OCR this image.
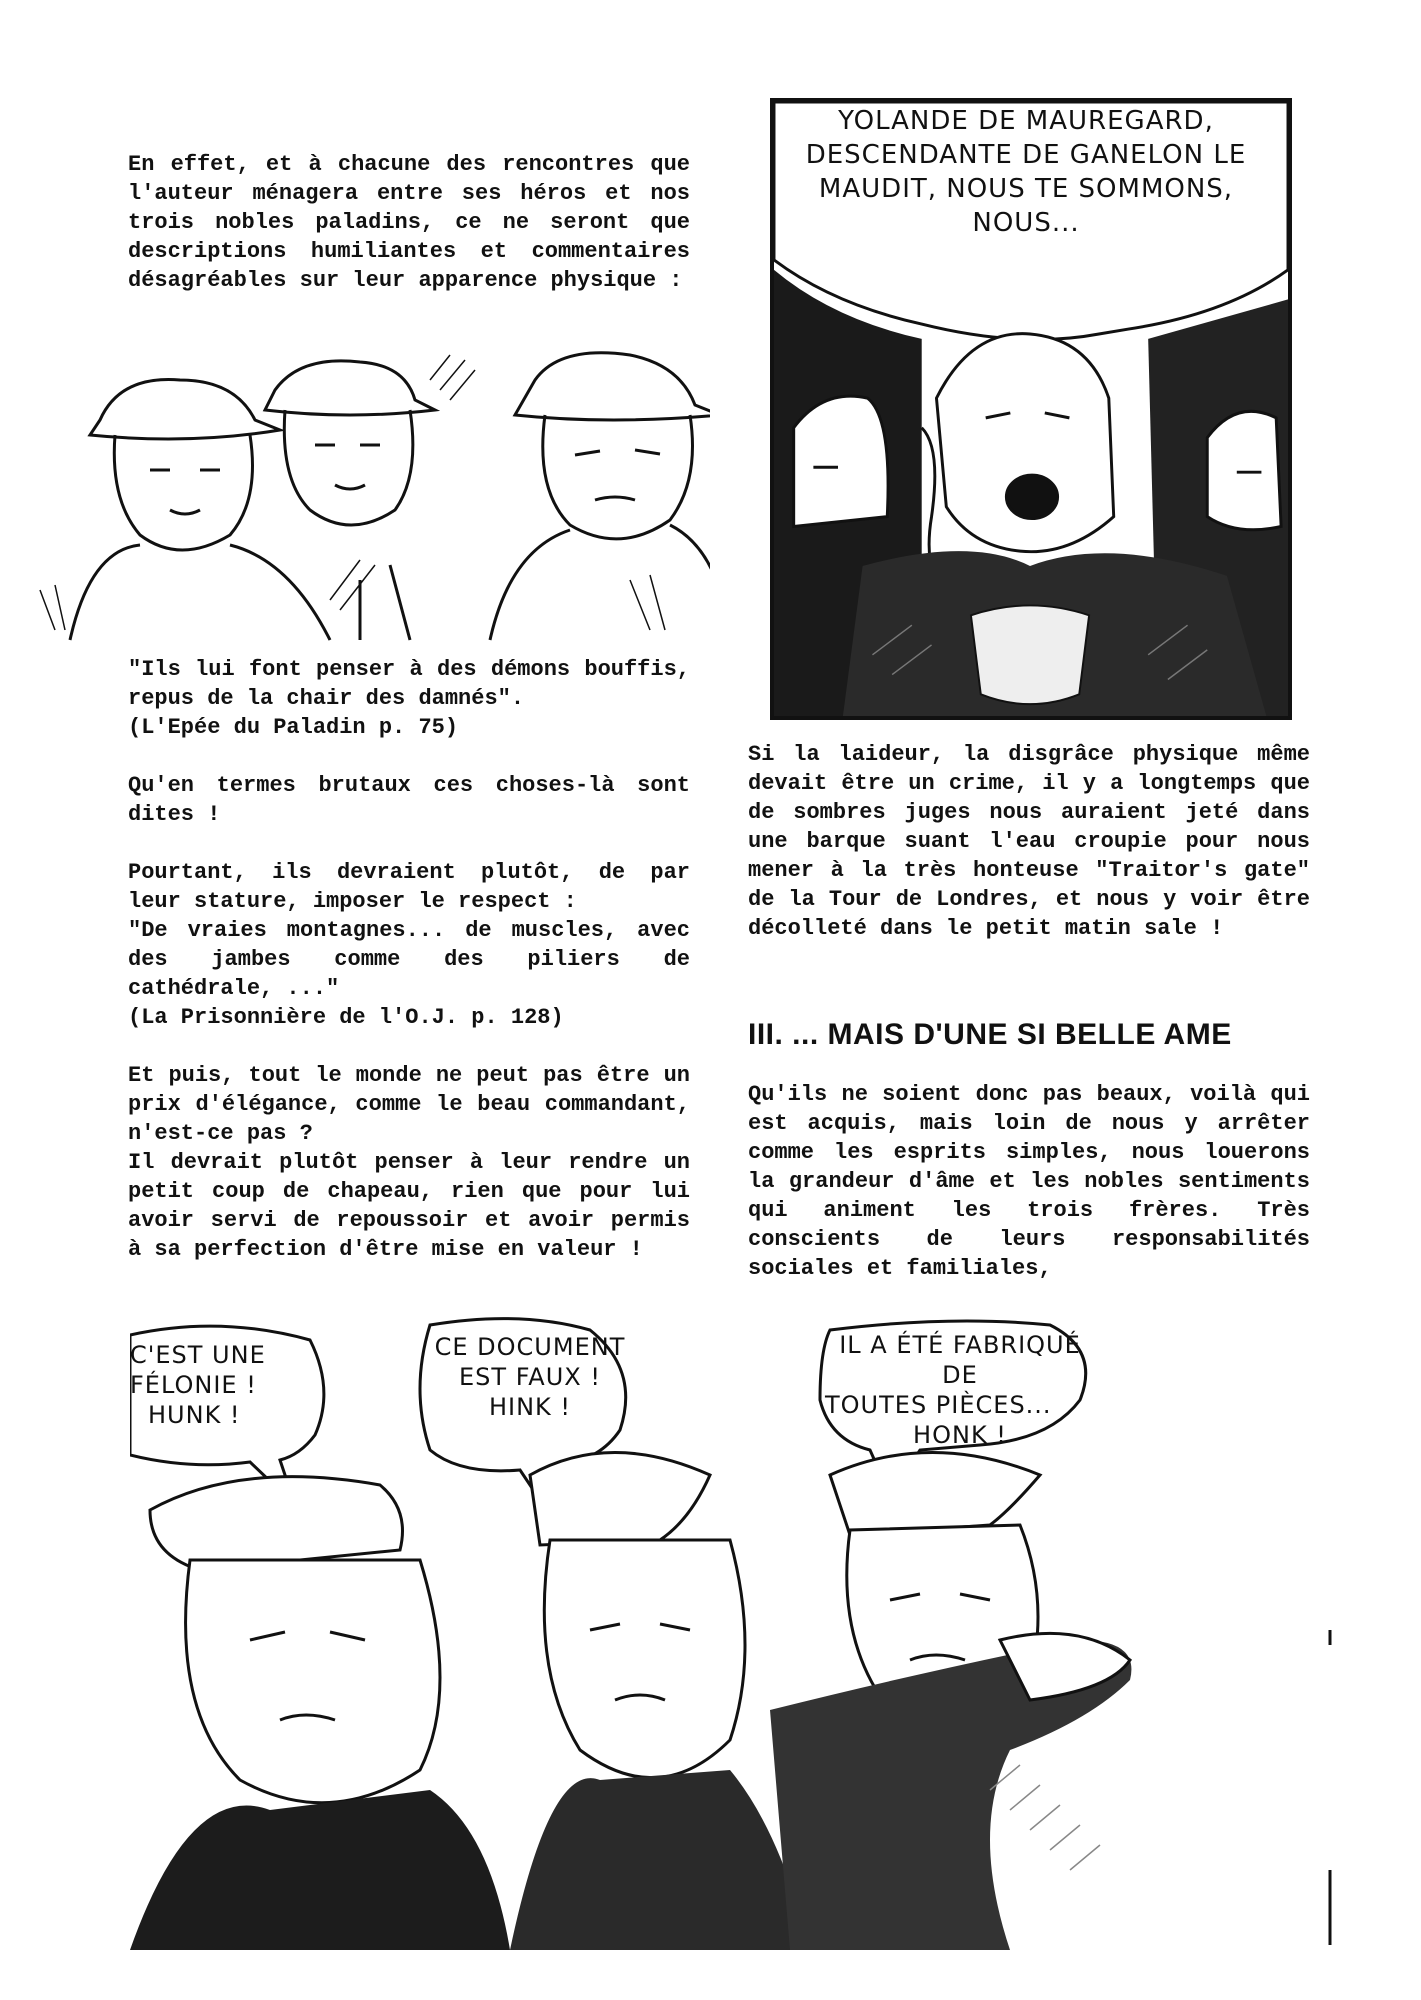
En effet, et à chacune des rencontres que l'auteur ménagera entre ses héros et nos trois nobles paladins, ce ne seront que descriptions humiliantes et commentaires désagréables sur leur apparence physique :

"Ils lui font penser à des démons bouffis, repus de la chair des damnés".

(L'Epée du Paladin p. 75)

Qu'en termes brutaux ces choses-là sont dites !

Pourtant, ils devraient plutôt, de par leur stature, imposer le respect :

"De vraies montagnes... de muscles, avec des jambes comme des piliers de cathédrale, ..."

(La Prisonnière de l'O.J. p. 128)

Et puis, tout le monde ne peut pas être un prix d'élégance, comme le beau commandant, n'est-ce pas ?

Il devrait plutôt penser à leur rendre un petit coup de chapeau, rien que pour lui avoir servi de repoussoir et avoir permis à sa perfection d'être mise en valeur !

YOLANDE DE MAUREGARD,
DESCENDANTE DE GANELON LE
MAUDIT, NOUS TE SOMMONS,
NOUS...

Si la laideur, la disgrâce physique même devait être un crime, il y a longtemps que de sombres juges nous auraient jeté dans une barque suant l'eau croupie pour nous mener à la très honteuse "Traitor's gate" de la Tour de Londres, et nous y voir être décolleté dans le petit matin sale !

III. ... MAIS D'UNE SI BELLE AME

Qu'ils ne soient donc pas beaux, voilà qui est acquis, mais loin de nous y arrêter comme les esprits simples, nous louerons la grandeur d'âme et les nobles sentiments qui animent les trois frères. Très conscients de leurs responsabilités sociales et familiales,

C'EST UNE
FÉLONIE !
HUNK !
CE DOCUMENT
EST FAUX !
HINK !
IL A ÉTÉ FABRIQUÉ DE
TOUTES PIÈCES...
HONK !
